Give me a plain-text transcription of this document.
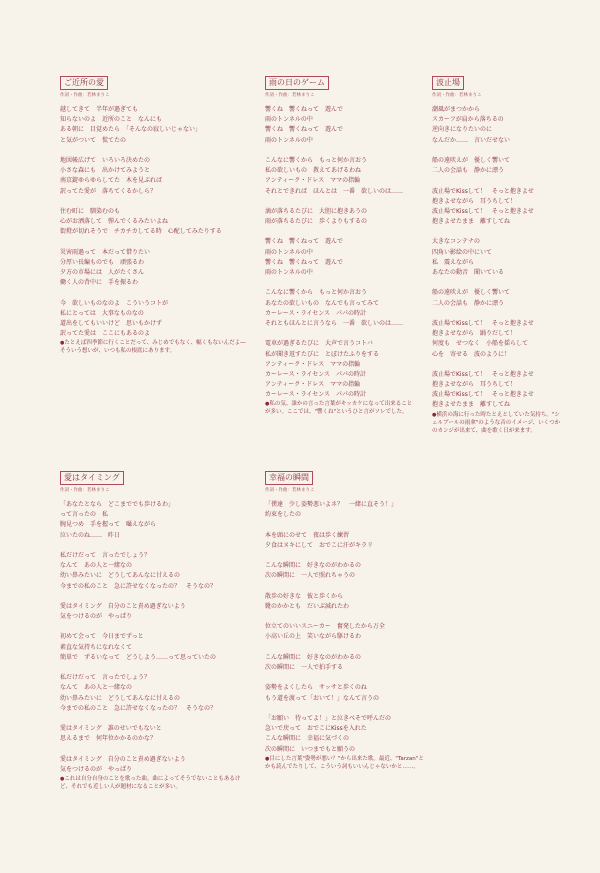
ご近所の愛
作詞・作曲：若林まりこ
越してきて　半年が過ぎても
知らないのよ　近所のこと　なんにも
ある朝に　目覚めたら　「そんなの寂しいじゃない」
と気がついて　慌てたの
地図帳広げて　いろいろ決めたの
小さな森にも　出かけてみようと
南京錠ゆらゆらしてた　木を見ぶれば
訳ってた愛が　落ちてくるかしら？
住む町に　馴染むのも
心がお洒落して　弾んでくるみたいよね
街燈が切れそうで　チカチカしてる時　心配してみたりする
災害雨過って　本だって借りたい
分厚い長編ものでも　頑張るわ
夕方の市場には　人がたくさん
働く人の背中に　手を振るわ
今　欲しいものなのよ　こういうコトが
私にとっては　大事なものなの
道出をしてもいいけど　思いもかけず
訳ってた愛は　ここにもあるのよ
●たとえば四季節に行くことだって、みじめでもなく、幅くもないんだよ―そういう想いが、いつも私の根底にあります。
雨の日のゲーム
作詞・作曲：若林まりこ
響くね　響くねって　遊んで
雨のトンネルの中
響くね　響くねって　遊んで
雨のトンネルの中
こんなに響くから　もっと何か言おう
私の欲しいもの　教えてあげるわね
アンティーク・ドレス　ママの指輪
それとできれば　ほんとは　一番　欲しいのは……
滴が落ちるたびに　大胆に抱きあうの
雨が落ちるたびに　歩くよりもするの
響くね　響くねって　遊んで
雨のトンネルの中
響くね　響くねって　遊んで
雨のトンネルの中
こんなに響くから　もっと何か言おう
あなたの欲しいもの　なんでも言ってみて
カーレース・ライセンス　パパの時計
それともほんとに言うなら　一番　欲しいのは……
電車が過ぎるたびに　大声で言うコトバ
私が聞き返すたびに　とぼけたふりをする
アンティーク・ドレス　ママの指輪
カーレース・ライセンス　パパの時計
アンティーク・ドレス　ママの指輪
カーレース・ライセンス　パパの時計
●私の気、誰かの言った言葉がキッカケになって出来ることが多い。ここでは、"響くね"というひと言がソレでした。
波止場
作詞・作曲：若林まりこ
潮風がまつかから
スカーフが肩から落ちるの
逆向きになりたいのに
なんだか……　言いだせない
船の遠吠えが　優しく響いて
二人の会話も　静かに漂う
波止場でKissして！　そっと抱きよせ
抱きよせながら　耳うちして！
波止場でKissして！　そっと抱きよせ
抱きよせたまま　離すしてね
大きなコンテナの
四角い影絵の中にいて
私　震えながら
あなたの動音　聞いている
船の遠吠えが　優しく響いて
二人の会話も　静かに漂う
波止場でKissして！　そっと抱きよせ
抱きよせながら　踊りだして！
何度も　せつなく　小船を揺らして
心を　寄せる　波のように！
波止場でKissして！　そっと抱きよせ
抱きよせながら　耳うちして！
波止場でKissして！　そっと抱きよせ
抱きよせたまま　離すしてね
●横浜の海に行った時たとえとしていた気持ち。"シェルブールの雨傘"のような音のイメージ、いくつかのカンジが出来て、曲を歌く日が来ます。
愛はタイミング
作詞・作曲：若林まりこ
「あなたとなら　どこまででも歩けるわ」
って言ったの　私
腕見つめ　手を握って　囁えながら
泣いたのね……　昨日
私だけだって　言ったでしょう？
なんて　あの人と一緒なの
幼い鼻みたいに　どうしてあんなに甘えるの
今までの私のこと　急に許せなくなったの？　そうなの？
愛はタイミング　自分のこと責め過ぎないよう
気をつけるのが　やっぱり
初めて会って　今日までずっと
素直な気持ちになれなくて
簡単で　ずるいなって　どうしよう……って思っていたの
私だけだって　言ったでしょう？
なんて　あの人と一緒なの
幼い鼻みたいに　どうしてあんなに甘えるの
今までの私のこと　急に許せなくなったの？　そうなの？
愛はタイミング　誰のせいでもないと
思えるまで　何年位かかるのかな？
愛はタイミング　自分のこと責め過ぎないよう
気をつけるのが　やっぱり
●これは自分自身のことを歌った曲。曲によってそうでないこともあるけど、それでも近しい人が題材になることが多い。
幸福の瞬間
作詞・作曲：若林まりこ
「僕達　少し姿勢悪いよネ？　一緒に直そう！」
約束をしたの
本を頭にのせて　夜は歩く練習
夕食はヌキにして　おでこに汗がキラリ
こんな瞬間に　好きなのがわかるの
次の瞬間に　一人で照れちゃうの
散歩の好きな　彼と歩くから
靴のかかとも　だいぶ減れたわ
位立てのいいスニーカー　奮発したから万全
小高い丘の上　笑いながら駆けるわ
こんな瞬間に　好きなのがわかるの
次の瞬間に　一人で拍手する
姿勢をよくしたら　サッサと歩くのね
もう道を渡って「おいて！」なんて言うの
「お願い　待ってよ！」と泣きべそで呼んだの
急いで戻って　おでこにKissを入れた
こんな瞬間に　幸福に気づくの
次の瞬間に　いつまでもと願うの
●目にした言葉"姿勢が悪い？"から出来た歌。最近、"Tarzan"とかも読んでたりして、こういう詞もいいんじゃないかと……。
